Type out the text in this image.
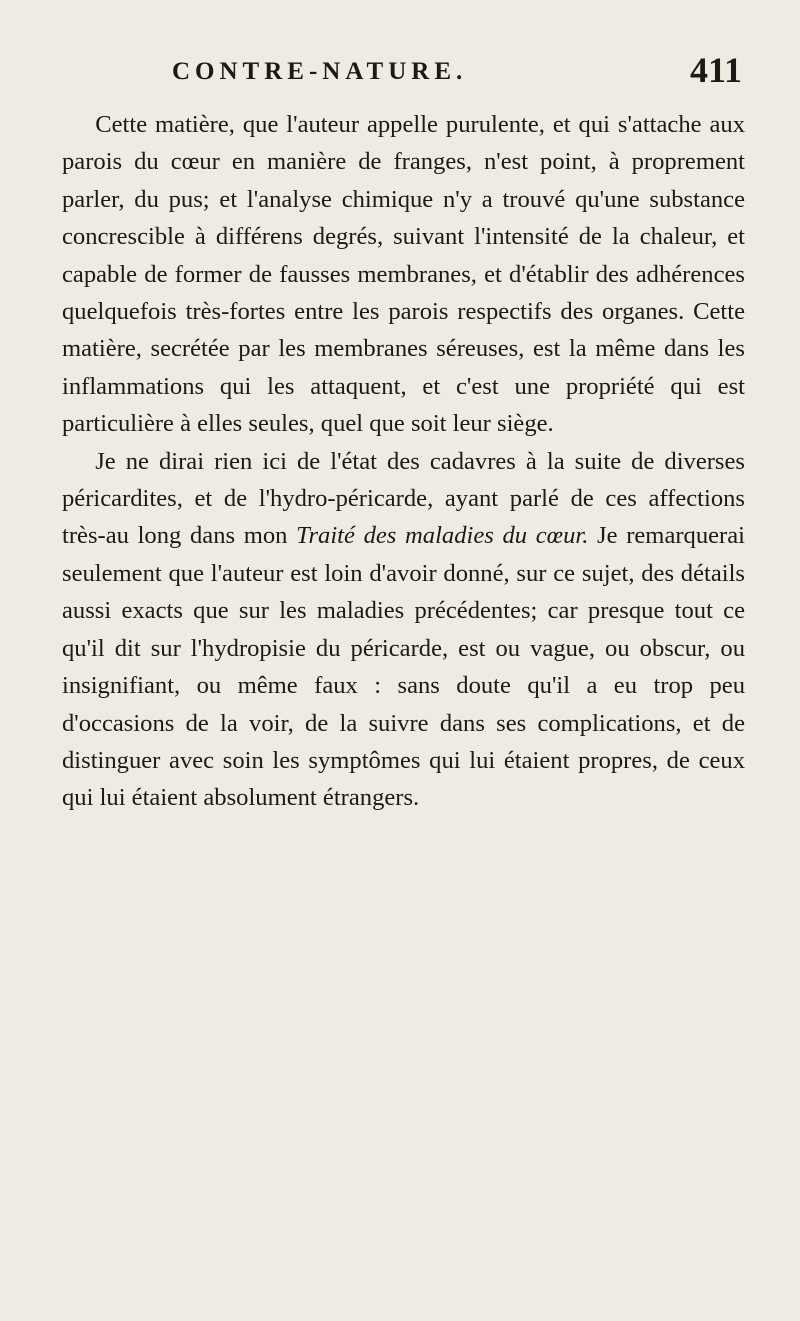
CONTRE-NATURE.	411

Cette matière, que l'auteur appelle purulente, et qui s'attache aux parois du cœur en manière de franges, n'est point, à proprement parler, du pus; et l'analyse chimique n'y a trouvé qu'une substance concrescible à différens degrés, suivant l'intensité de la chaleur, et capable de former de fausses membranes, et d'établir des adhérences quelquefois très-fortes entre les parois respectifs des organes. Cette matière, secrétée par les membranes séreuses, est la même dans les inflammations qui les attaquent, et c'est une propriété qui est particulière à elles seules, quel que soit leur siège.

Je ne dirai rien ici de l'état des cadavres à la suite de diverses péricardites, et de l'hydro-péricarde, ayant parlé de ces affections très-au long dans mon Traité des maladies du cœur. Je remarquerai seulement que l'auteur est loin d'avoir donné, sur ce sujet, des détails aussi exacts que sur les maladies précédentes; car presque tout ce qu'il dit sur l'hydropisie du péricarde, est ou vague, ou obscur, ou insignifiant, ou même faux : sans doute qu'il a eu trop peu d'occasions de la voir, de la suivre dans ses complications, et de distinguer avec soin les symptômes qui lui étaient propres, de ceux qui lui étaient absolument étrangers.
